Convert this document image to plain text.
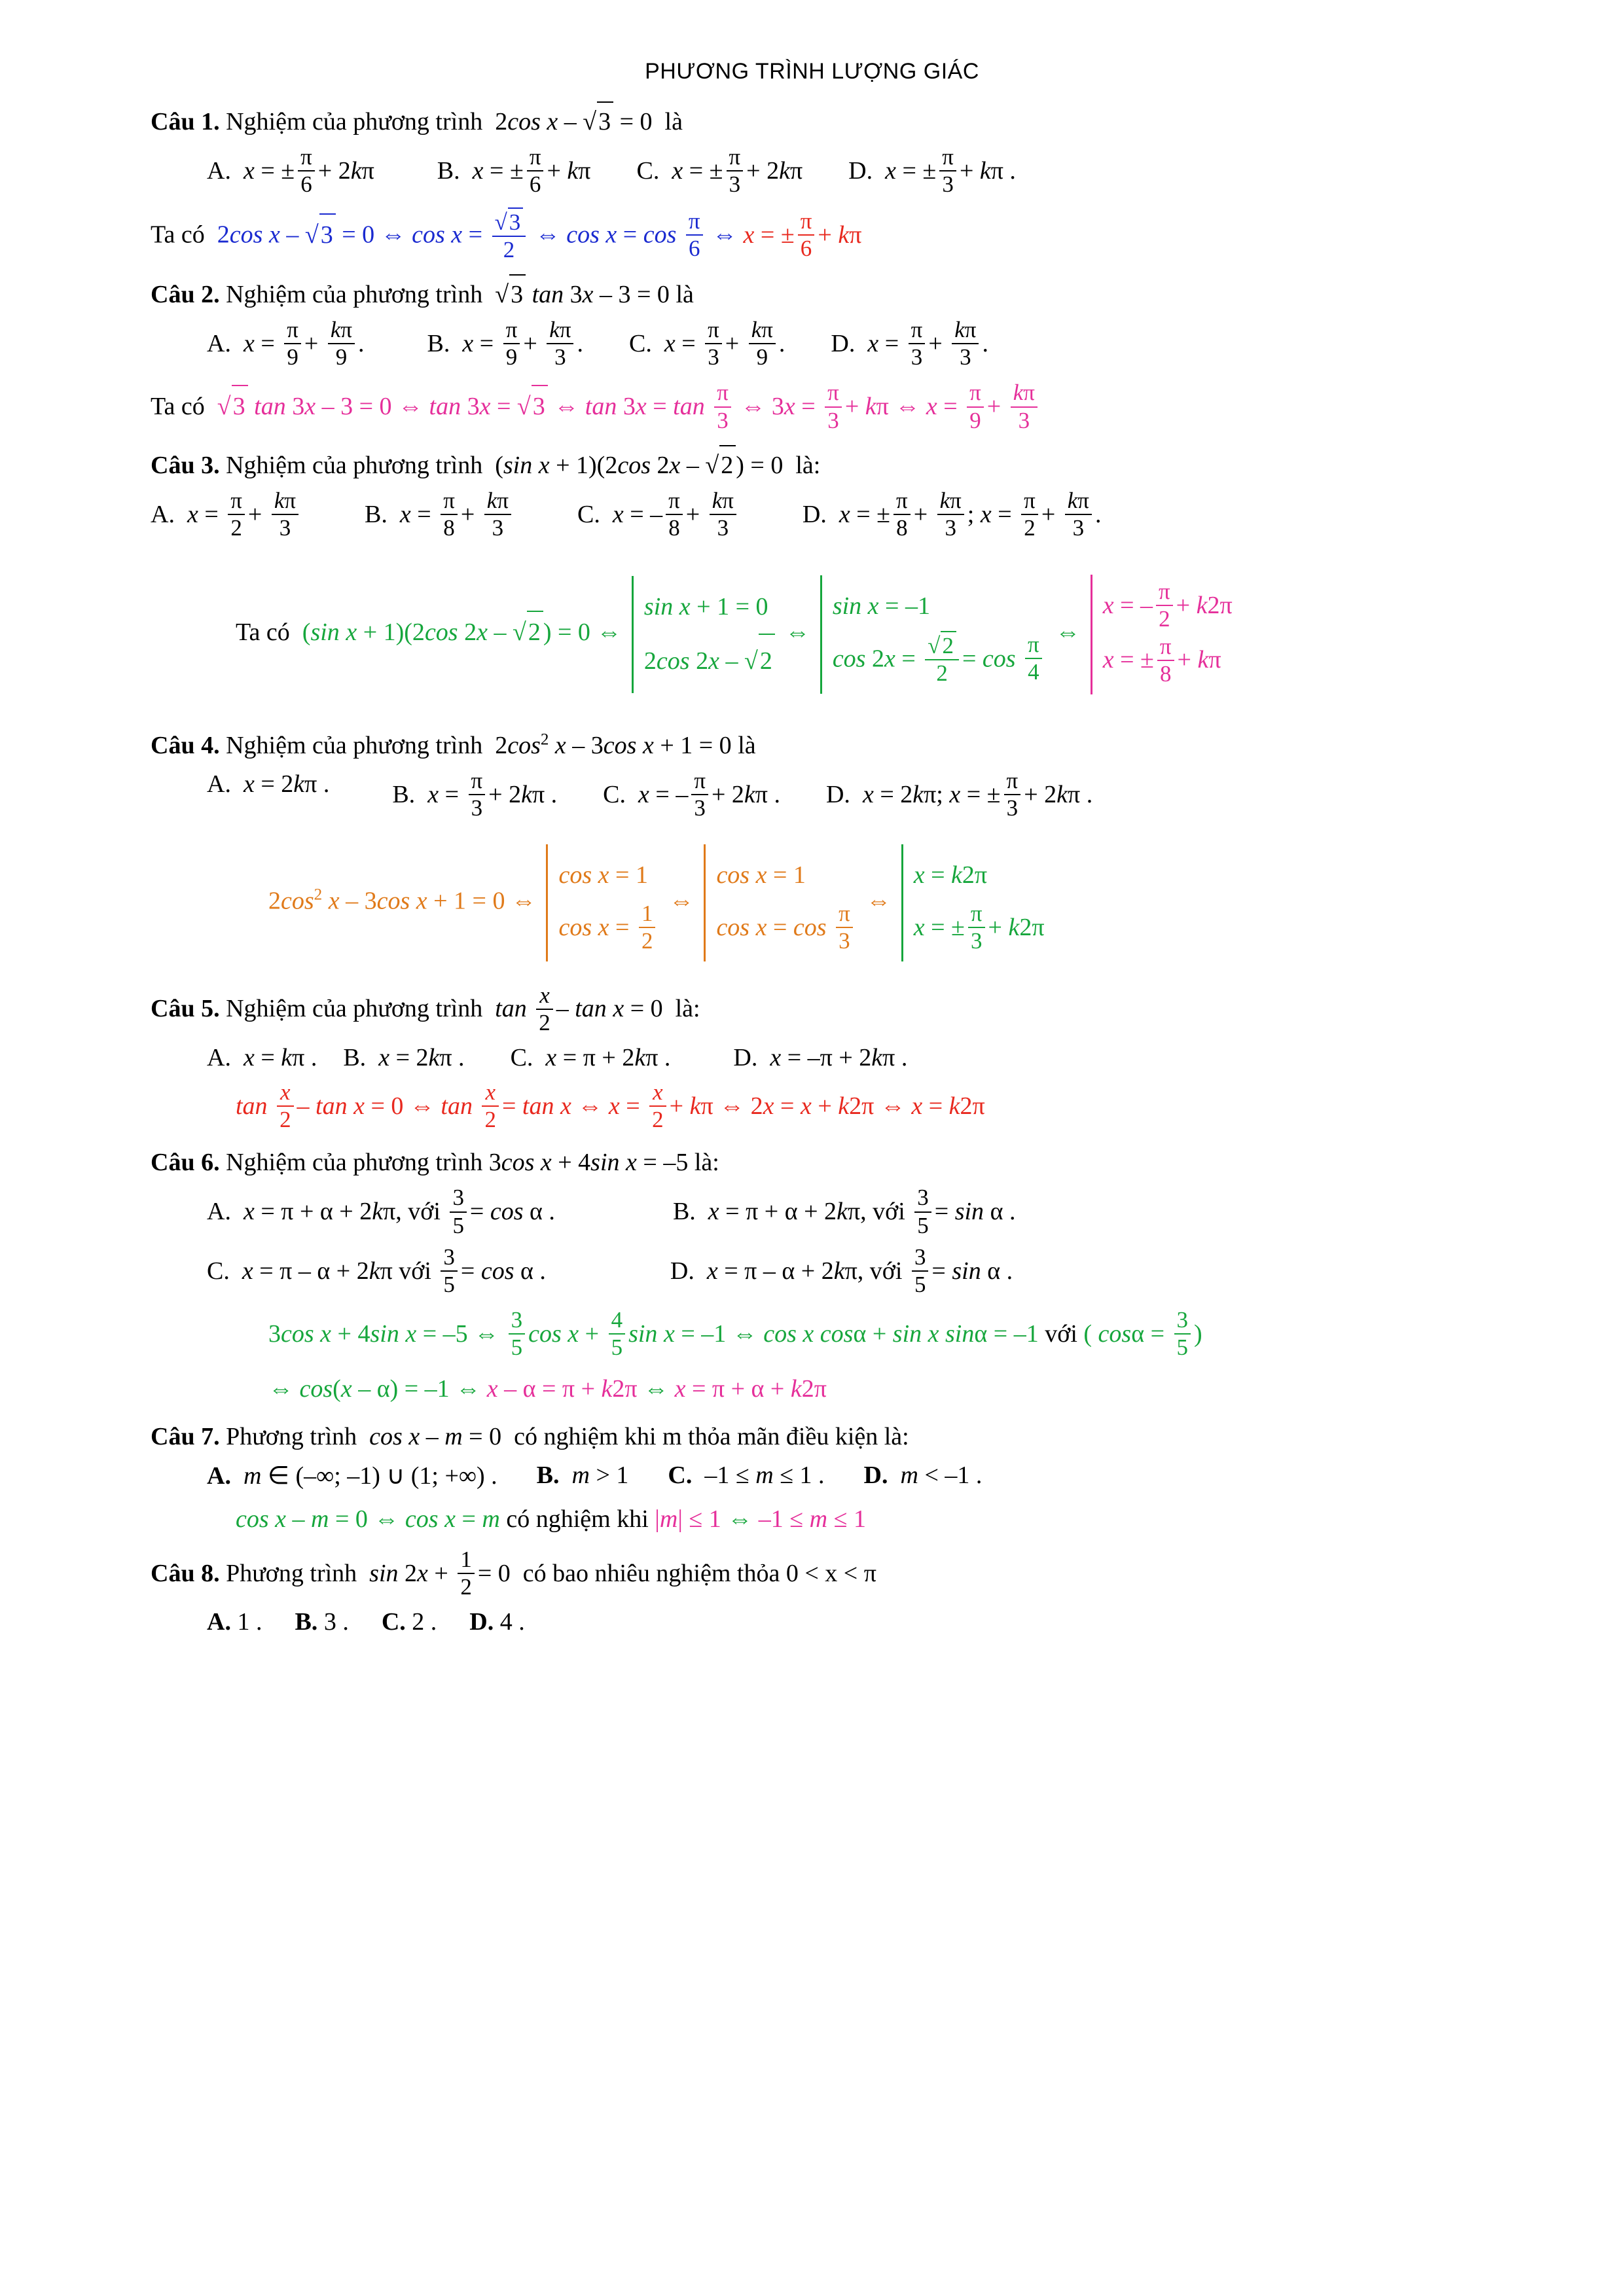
PHƯƠNG TRÌNH LƯỢNG GIÁC
Câu 1. Nghiệm của phương trình  2cos x – √3 = 0  là
A.  x = ± $\frac{\pi}{6} + 2k\pi$	B.  x = ± $\frac{\pi}{6} + k\pi$ C.  x = ± $\frac{\pi}{3} + 2k\pi$ D.  x = ± $\frac{\pi}{3} + k\pi$ .
Ta có  2cos x – √3 = 0 ⇔ $\cos x = \frac{√3}{2}$ ⇔ $\cos x = \cos \frac{\pi}{6}$ ⇔ x = ± $\frac{\pi}{6} + k\pi$
Câu 2. Nghiệm của phương trình √3 tan 3x – 3 = 0 là
A.  $x = \frac{\pi}{9} + \frac{k\pi}{9}$ .	B.  $x = \frac{\pi}{9} + \frac{k\pi}{3}$ . C.  $x = \frac{\pi}{3} + \frac{k\pi}{9}$ . D.  $x = \frac{\pi}{3} + \frac{k\pi}{3}$ .
Ta có √3 tan 3x – 3 = 0 ⇔ tan 3x = √3 ⇔ $\tan 3x = \tan \frac{\pi}{3}$ ⇔ $3x = \frac{\pi}{3} + k\pi$ ⇔ $x = \frac{\pi}{9} + \frac{k\pi}{3}$
Câu 3. Nghiệm của phương trình  (sin x + 1)(2cos 2x – √2 ) = 0  là:
A.  $x = \frac{\pi}{2} + \frac{k\pi}{3}$	B.  $x = \frac{\pi}{8} + \frac{k\pi}{3}$	C.  x = – $\frac{\pi}{8} + \frac{k\pi}{3}$	D.  x = ± $\frac{\pi}{8} + \frac{k\pi}{3}$ ; $x = \frac{\pi}{2} + \frac{k\pi}{3}$ .
Ta có  (sin x + 1)(2cos 2x – √2 ) = 0 ⇔
sin x + 1 = 0
2cos 2x – √2
⇔
sin x = –1
$\cos 2x = \frac{√2}{2} = \cos \frac{\pi}{4}$ ⇔
x = – $\frac{\pi}{2} + k2\pi$
x = ± $\frac{\pi}{8} + k\pi$
Câu 4. Nghiệm của phương trình  $2\cos^2$ x – 3cos x + 1 = 0 là
A.  x = 2kπ .	B.  $x = \frac{\pi}{3} + 2k\pi$ . C.  x = – $\frac{\pi}{3} + 2k\pi$ . D.  x = 2kπ; x = ± $\frac{\pi}{3} + 2k\pi$ .
$2\cos^2$ x – 3cos x + 1 = 0 ⇔
cos x = 1
$\cos x = \frac{1}{2}$ ⇔
cos x = 1
$\cos x = \cos \frac{\pi}{3}$ ⇔
x = k2π
x = ± $\frac{\pi}{3} + k2\pi$
Câu 5. Nghiệm của phương trình $\tan \frac{x}{2} - \tan x = 0$  là:
A.  x = kπ . B.  x = 2kπ . C.  x = π + 2kπ .	D.  x = –π + 2kπ .
$\tan \frac{x}{2} - \tan x = 0$ ⇔ $\tan \frac{x}{2} = \tan x$ ⇔ $x = \frac{x}{2} + k\pi$ ⇔ 2x = x + k2π ⇔ x = k2π
Câu 6. Nghiệm của phương trình 3cos x + 4sin x = –5 là:
A.  x = π + α + 2kπ, với $\frac{3}{5} = \cos \alpha$ .	B.  x = π + α + 2kπ, với $\frac{3}{5} = \sin \alpha$ .
C.  x = π – α + 2kπ với $\frac{3}{5} = \cos \alpha$ .	D.  x = π – α + 2kπ, với $\frac{3}{5} = \sin \alpha$ .
3cos x + 4sin x = –5 ⇔ $\frac{3}{5}$ $\cos x + \frac{4}{5}$ sin x = –1 ⇔ cos x cosα + sin x sinα = –1 với ( $\cos\alpha = \frac{3}{5}$ )
⇔ cos(x – α) = –1 ⇔ x – α = π + k2π ⇔ x = π + α + k2π
Câu 7. Phương trình cos x – m = 0  có nghiệm khi m thỏa mãn điều kiện là:
A. m ∈ (–∞; –1) ∪ (1; +∞) . B. m > 1 C.  –1 ≤ m ≤ 1 . D. m < –1 .
cos x – m = 0 ⇔ cos x = m có nghiệm khi |m| ≤ 1 ⇔ –1 ≤ m ≤ 1
Câu 8. Phương trình $\sin 2x + \frac{1}{2} = 0$  có bao nhiêu nghiệm thỏa 0 < x < π
A. 1 . B. 3 . C. 2 . D. 4 .
